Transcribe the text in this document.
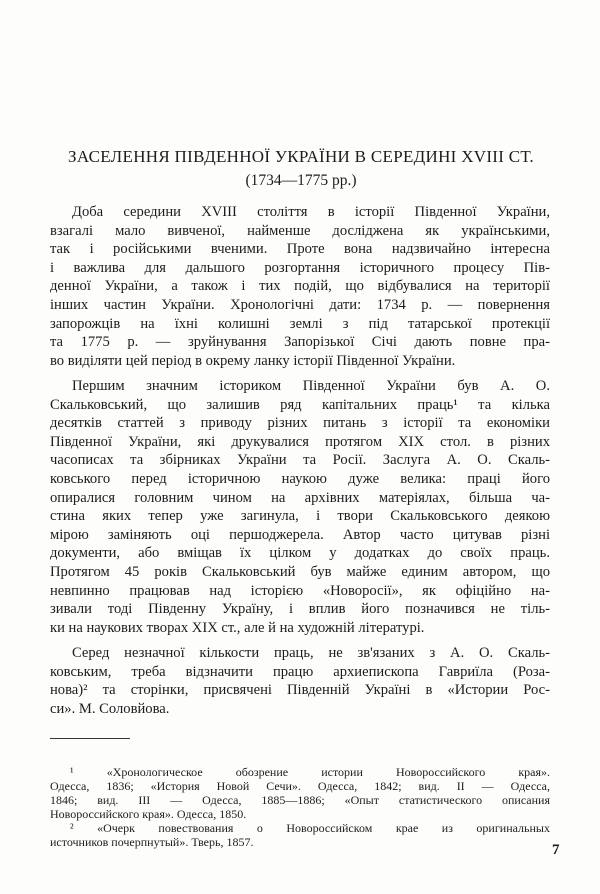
ЗАСЕЛЕННЯ ПІВДЕННОЇ УКРАЇНИ В СЕРЕДИНІ XVIII СТ.
(1734—1775 pp.)
Доба середини XVIII століття в історії Південної України,
взагалі мало вивченої, найменше досліджена як українськими,
так і російськими вченими. Проте вона надзвичайно інтересна
і важлива для дальшого розгортання історичного процесу Пів-
денної України, а також і тих подій, що відбувалися на території
інших частин України. Хронологічні дати: 1734 р. — повернення
запорожців на їхні колишні землі з під татарської протекції
та 1775 р. — зруйнування Запорізької Січі дають повне пра-
во виділяти цей період в окрему ланку історії Південної України.
Першим значним істориком Південної України був А. О.
Скальковський, що залишив ряд капітальних праць¹ та кілька
десятків статтей з приводу різних питань з історії та економіки
Південної України, які друкувалися протягом XIX стол. в різних
часописах та збірниках України та Росії. Заслуга А. О. Скаль-
ковського перед історичною наукою дуже велика: праці його
опиралися головним чином на архівних матеріялах, більша ча-
стина яких тепер уже загинула, і твори Скальковського деякою
мірою заміняють оці першоджерела. Автор часто цитував різні
документи, або вміщав їх цілком у додатках до своїх праць.
Протягом 45 років Скальковський був майже единим автором, що
невпинно працював над історією «Новоросії», як офіційно на-
зивали тоді Південну Україну, і вплив його позначився не тіль-
ки на наукових творах XIX ст., але й на художній літературі.
Серед незначної кількости праць, не зв'язаних з А. О. Скаль-
ковським, треба відзначити працю архиепископа Гавриїла (Роза-
нова)² та сторінки, присвячені Південній Україні в «Истории Рос-
си». М. Соловйова.
¹ «Хронологическое обозрение истории Новороссийского края».
Одесса, 1836; «История Новой Сечи». Одесса, 1842; вид. II — Одесса,
1846; вид. III — Одесса, 1885—1886; «Опыт статистического описания
Новороссийского края». Одесса, 1850.
² «Очерк повествования о Новороссийском крае из оригинальных
источников почерпнутый». Тверь, 1857.	7
